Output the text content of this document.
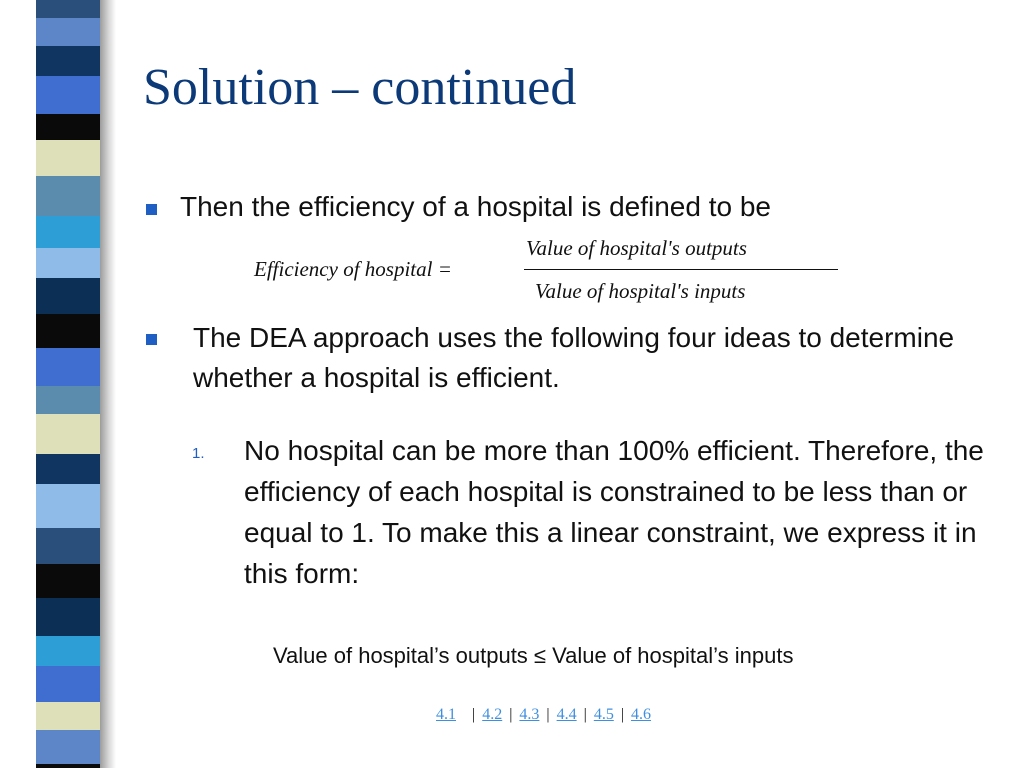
Solution – continued
Then the efficiency of a hospital is defined to be
Efficiency of hospital =
Value of hospital's outputs
Value of hospital's inputs
The DEA approach uses the following four ideas to determine whether a hospital is efficient.
1. No hospital can be more than 100% efficient. Therefore, the efficiency of each hospital is constrained to be less than or equal to 1. To make this a linear constraint, we express it in this form:
Value of hospital’s outputs ≤ Value of hospital’s inputs
4.1 | 4.2 | 4.3 | 4.4 | 4.5 | 4.6
